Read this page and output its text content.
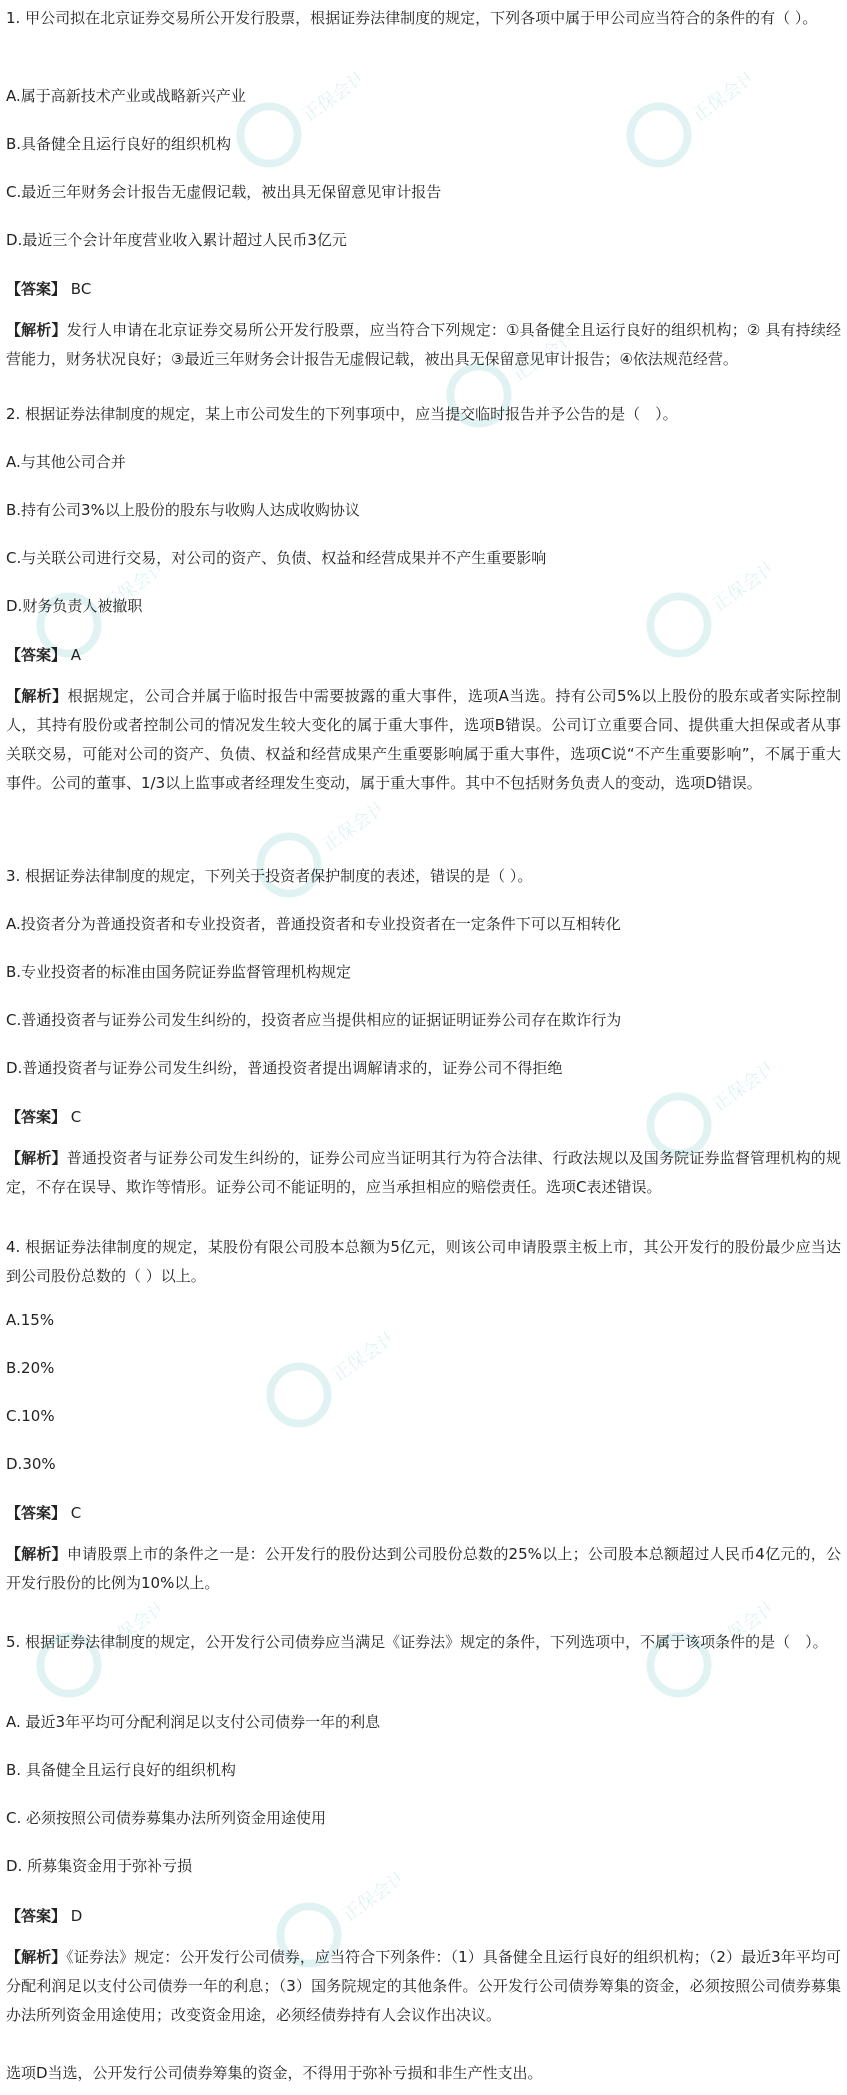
正保会计网校	正保会计网校
正保会计网校
正保会计网校	正保会计网校
正保会计网校
正保会计网校
正保会计网校
正保会计网校	正保会计网校
正保会计网校
1. 甲公司拟在北京证券交易所公开发行股票，根据证券法律制度的规定，下列各项中属于甲公司应当符合的条件的有（ ）。
A.属于高新技术产业或战略新兴产业
B.具备健全且运行良好的组织机构
C.最近三年财务会计报告无虚假记载，被出具无保留意见审计报告
D.最近三个会计年度营业收入累计超过人民币3亿元
【答案】 BC
【解析】发行人申请在北京证券交易所公开发行股票，应当符合下列规定：①具备健全且运行良好的组织机构；② 具有持续经营能力，财务状况良好；③最近三年财务会计报告无虚假记载，被出具无保留意见审计报告；④依法规范经营。
2. 根据证券法律制度的规定，某上市公司发生的下列事项中，应当提交临时报告并予公告的是（　）。
A.与其他公司合并
B.持有公司3%以上股份的股东与收购人达成收购协议
C.与关联公司进行交易，对公司的资产、负债、权益和经营成果并不产生重要影响
D.财务负责人被撤职
【答案】 A
【解析】根据规定，公司合并属于临时报告中需要披露的重大事件，选项A当选。持有公司5%以上股份的股东或者实际控制人，其持有股份或者控制公司的情况发生较大变化的属于重大事件，选项B错误。公司订立重要合同、提供重大担保或者从事关联交易，可能对公司的资产、负债、权益和经营成果产生重要影响属于重大事件，选项C说“不产生重要影响”，不属于重大事件。公司的董事、1/3以上监事或者经理发生变动，属于重大事件。其中不包括财务负责人的变动，选项D错误。
3. 根据证券法律制度的规定，下列关于投资者保护制度的表述，错误的是（ ）。
A.投资者分为普通投资者和专业投资者，普通投资者和专业投资者在一定条件下可以互相转化
B.专业投资者的标准由国务院证券监督管理机构规定
C.普通投资者与证券公司发生纠纷的，投资者应当提供相应的证据证明证券公司存在欺诈行为
D.普通投资者与证券公司发生纠纷，普通投资者提出调解请求的，证券公司不得拒绝
【答案】 C
【解析】普通投资者与证券公司发生纠纷的，证券公司应当证明其行为符合法律、行政法规以及国务院证券监督管理机构的规定，不存在误导、欺诈等情形。证券公司不能证明的，应当承担相应的赔偿责任。选项C表述错误。
4. 根据证券法律制度的规定，某股份有限公司股本总额为5亿元，则该公司申请股票主板上市，其公开发行的股份最少应当达到公司股份总数的（ ）以上。
A.15%
B.20%
C.10%
D.30%
【答案】 C
【解析】申请股票上市的条件之一是：公开发行的股份达到公司股份总数的25%以上；公司股本总额超过人民币4亿元的，公开发行股份的比例为10%以上。
5. 根据证券法律制度的规定，公开发行公司债券应当满足《证券法》规定的条件，下列选项中，不属于该项条件的是（　）。
A. 最近3年平均可分配利润足以支付公司债券一年的利息
B. 具备健全且运行良好的组织机构
C. 必须按照公司债券募集办法所列资金用途使用
D. 所募集资金用于弥补亏损
【答案】 D
【解析】《证券法》规定：公开发行公司债券，应当符合下列条件：（1）具备健全且运行良好的组织机构；（2）最近3年平均可分配利润足以支付公司债券一年的利息；（3）国务院规定的其他条件。公开发行公司债券筹集的资金，必须按照公司债券募集办法所列资金用途使用；改变资金用途，必须经债券持有人会议作出决议。
选项D当选，公开发行公司债券筹集的资金，不得用于弥补亏损和非生产性支出。
